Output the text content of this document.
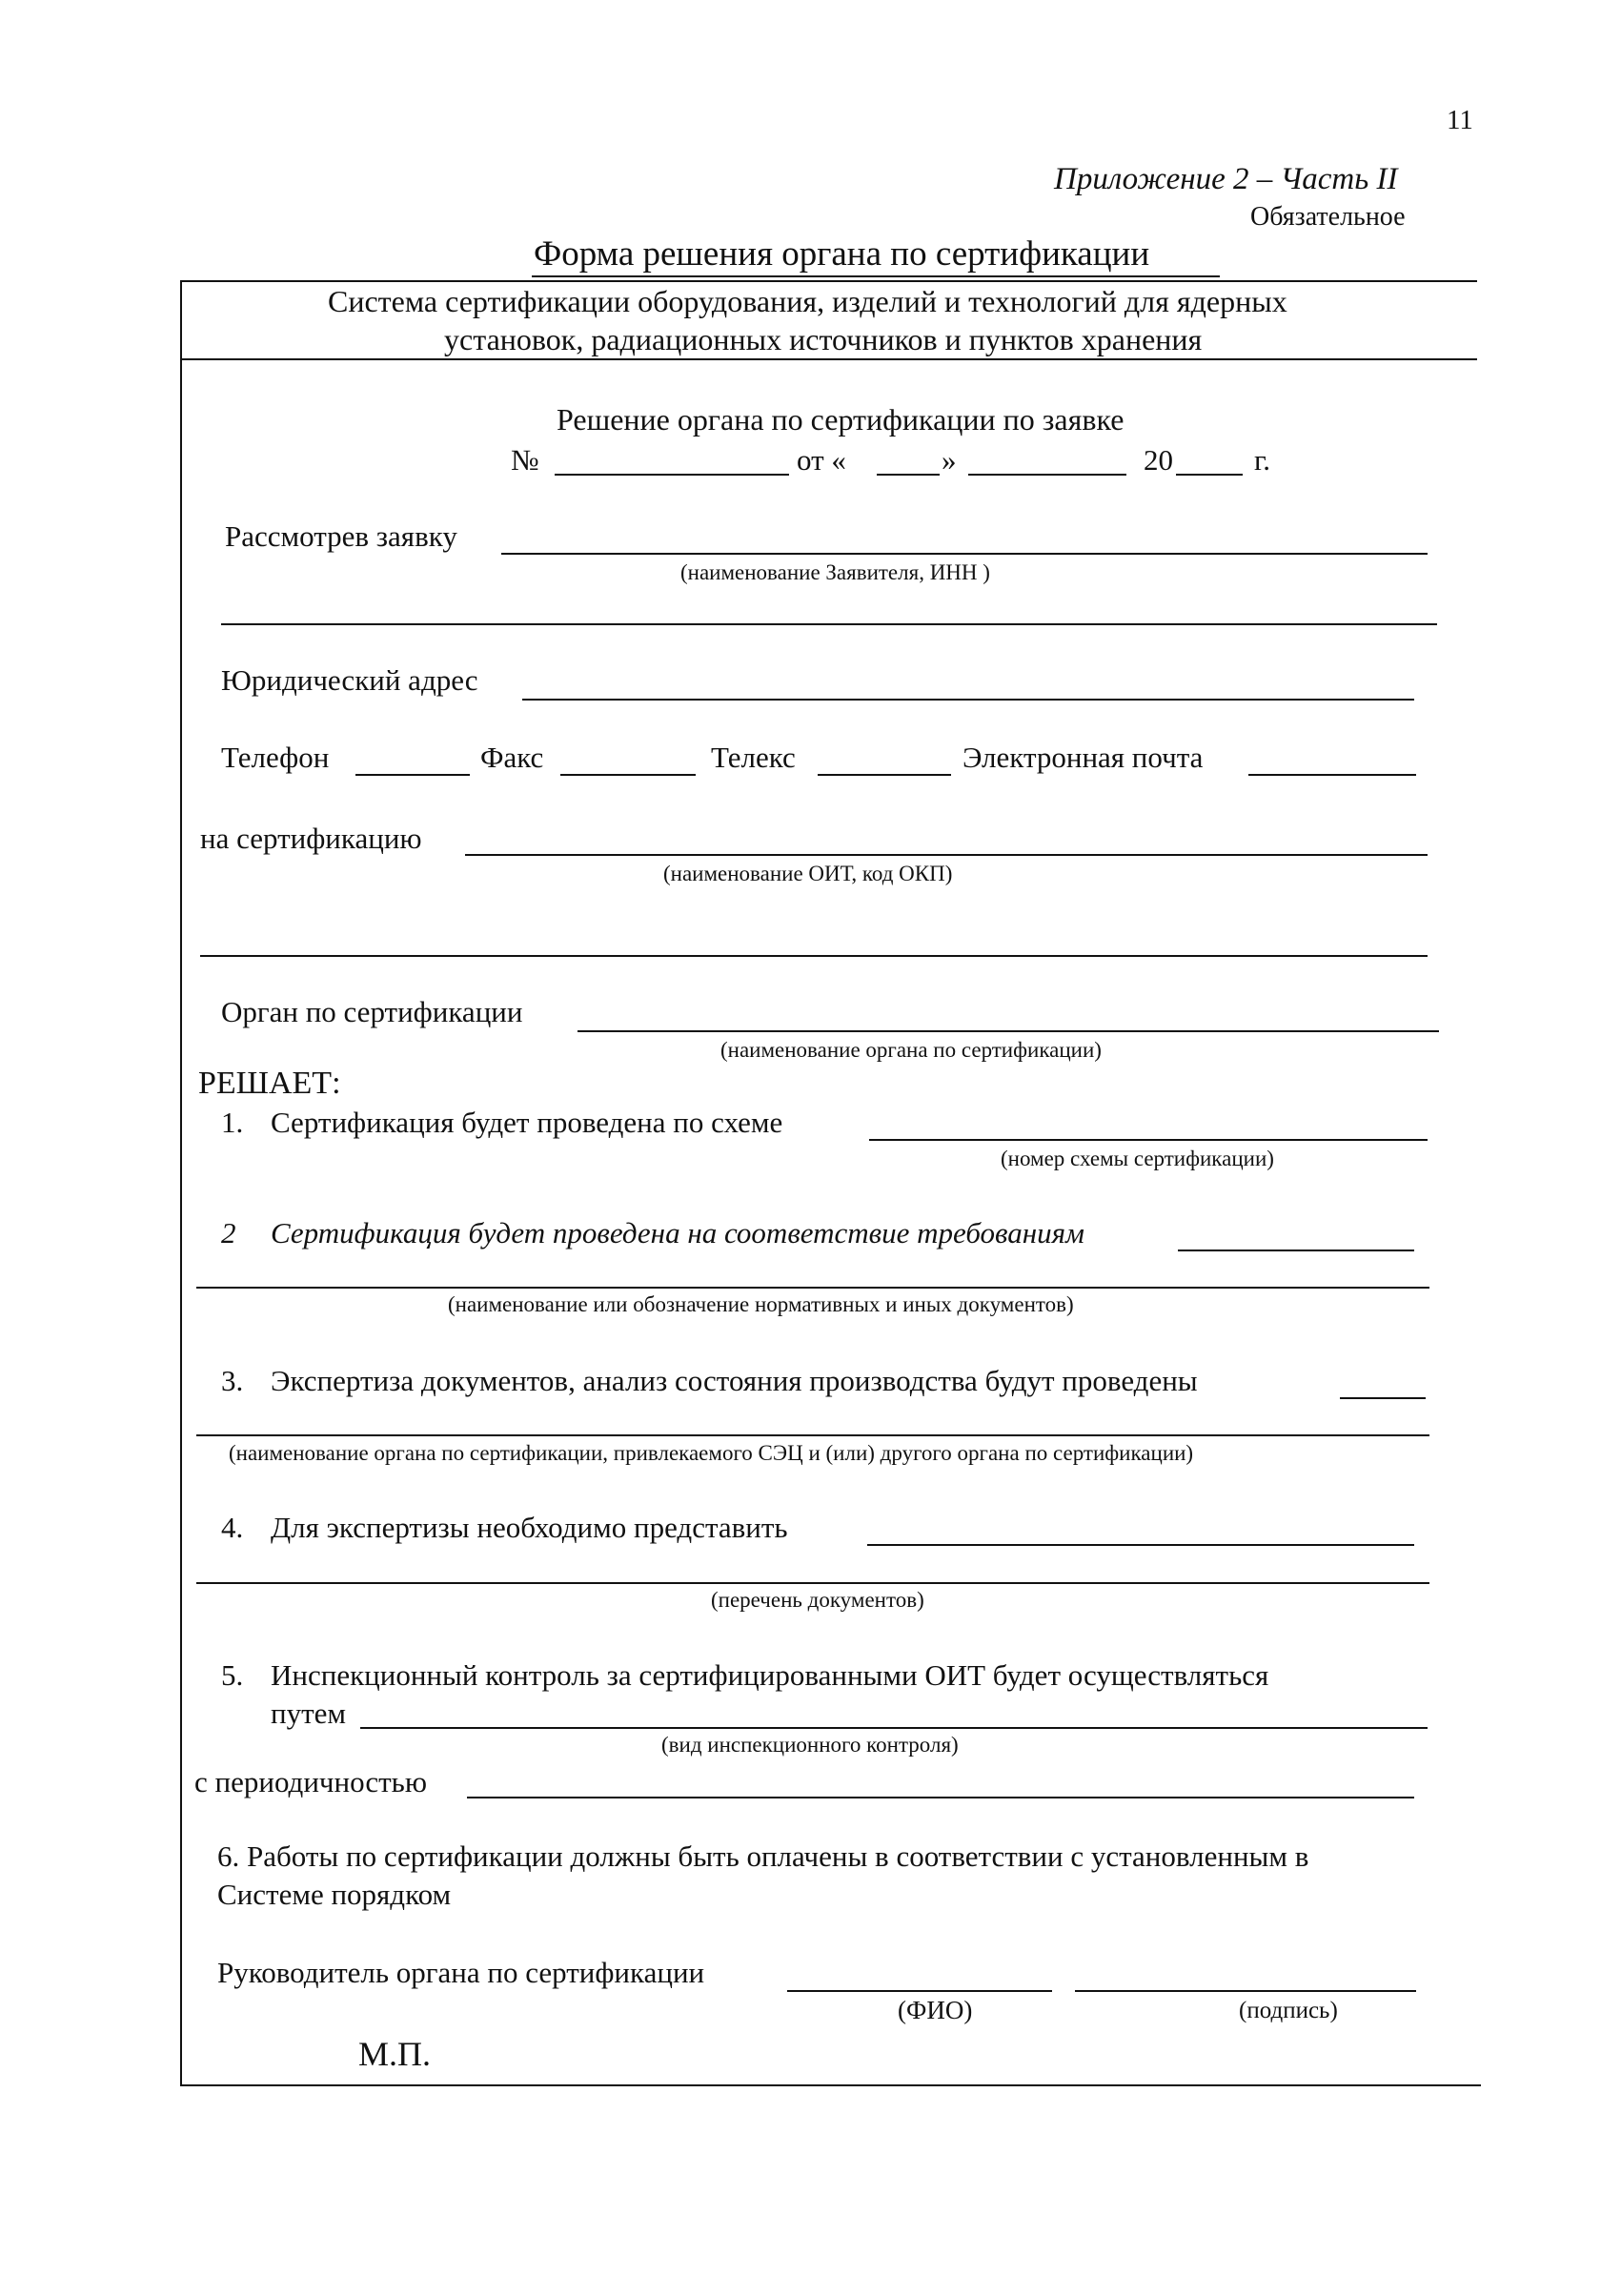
11
Приложение 2 – Часть II
Обязательное
Форма решения органа по сертификации
Система сертификации оборудования, изделий и технологий для ядерных
установок, радиационных источников и пунктов хранения
Решение органа по сертификации по заявке
№	от «	»	20	г.
Рассмотрев заявку
(наименование Заявителя, ИНН )
Юридический адрес
Телефон	Факс	Телекс	Электронная почта
на сертификацию
(наименование ОИТ, код ОКП)
Орган по сертификации
(наименование органа по сертификации)
РЕШАЕТ:
1. Сертификация будет проведена по схеме
(номер схемы сертификации)
2 Сертификация будет проведена на соответствие требованиям
(наименование или обозначение нормативных и иных документов)
3. Экспертиза документов, анализ состояния производства будут проведены
(наименование органа по сертификации, привлекаемого СЭЦ и (или) другого органа по сертификации)
4. Для экспертизы необходимо представить
(перечень документов)
5. Инспекционный контроль за сертифицированными ОИТ будет осуществляться
путем
(вид инспекционного контроля)
с периодичностью
6. Работы по сертификации должны быть оплачены в соответствии с установленным в
Системе порядком
Руководитель органа по сертификации
(ФИО)	(подпись)
М.П.
